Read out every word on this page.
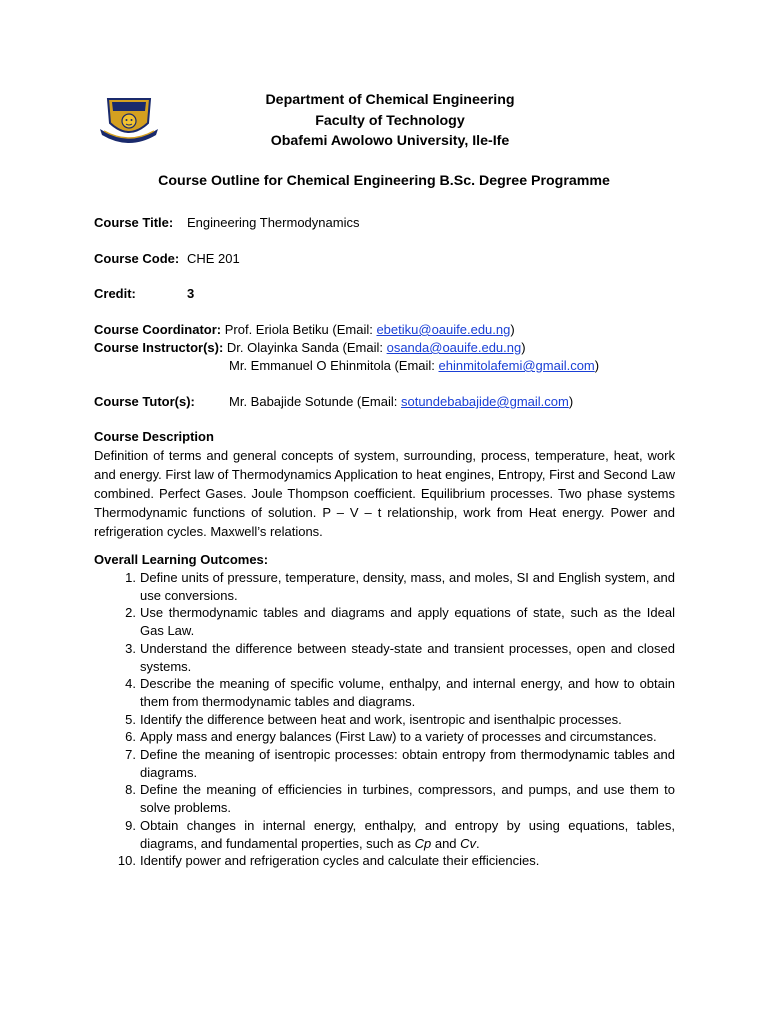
Department of Chemical Engineering
Faculty of Technology
Obafemi Awolowo University, Ile-Ife
Course Outline for Chemical Engineering B.Sc. Degree Programme
Course Title: Engineering Thermodynamics
Course Code: CHE 201
Credit:	3
Course Coordinator: Prof. Eriola Betiku (Email: ebetiku@oauife.edu.ng)
Course Instructor(s): Dr. Olayinka Sanda (Email: osanda@oauife.edu.ng)
Mr. Emmanuel O Ehinmitola (Email: ehinmitolafemi@gmail.com)
Course Tutor(s):	Mr. Babajide Sotunde (Email: sotundebabajide@gmail.com)
Course Description
Definition of terms and general concepts of system, surrounding, process, temperature, heat, work and energy. First law of Thermodynamics Application to heat engines, Entropy, First and Second Law combined. Perfect Gases. Joule Thompson coefficient. Equilibrium processes. Two phase systems Thermodynamic functions of solution. P – V – t relationship, work from Heat energy. Power and refrigeration cycles. Maxwell’s relations.
Overall Learning Outcomes:
1. Define units of pressure, temperature, density, mass, and moles, SI and English system, and use conversions.
2. Use thermodynamic tables and diagrams and apply equations of state, such as the Ideal Gas Law.
3. Understand the difference between steady-state and transient processes, open and closed systems.
4. Describe the meaning of specific volume, enthalpy, and internal energy, and how to obtain them from thermodynamic tables and diagrams.
5. Identify the difference between heat and work, isentropic and isenthalpic processes.
6. Apply mass and energy balances (First Law) to a variety of processes and circumstances.
7. Define the meaning of isentropic processes: obtain entropy from thermodynamic tables and diagrams.
8. Define the meaning of efficiencies in turbines, compressors, and pumps, and use them to solve problems.
9. Obtain changes in internal energy, enthalpy, and entropy by using equations, tables, diagrams, and fundamental properties, such as Cp and Cv.
10. Identify power and refrigeration cycles and calculate their efficiencies.
